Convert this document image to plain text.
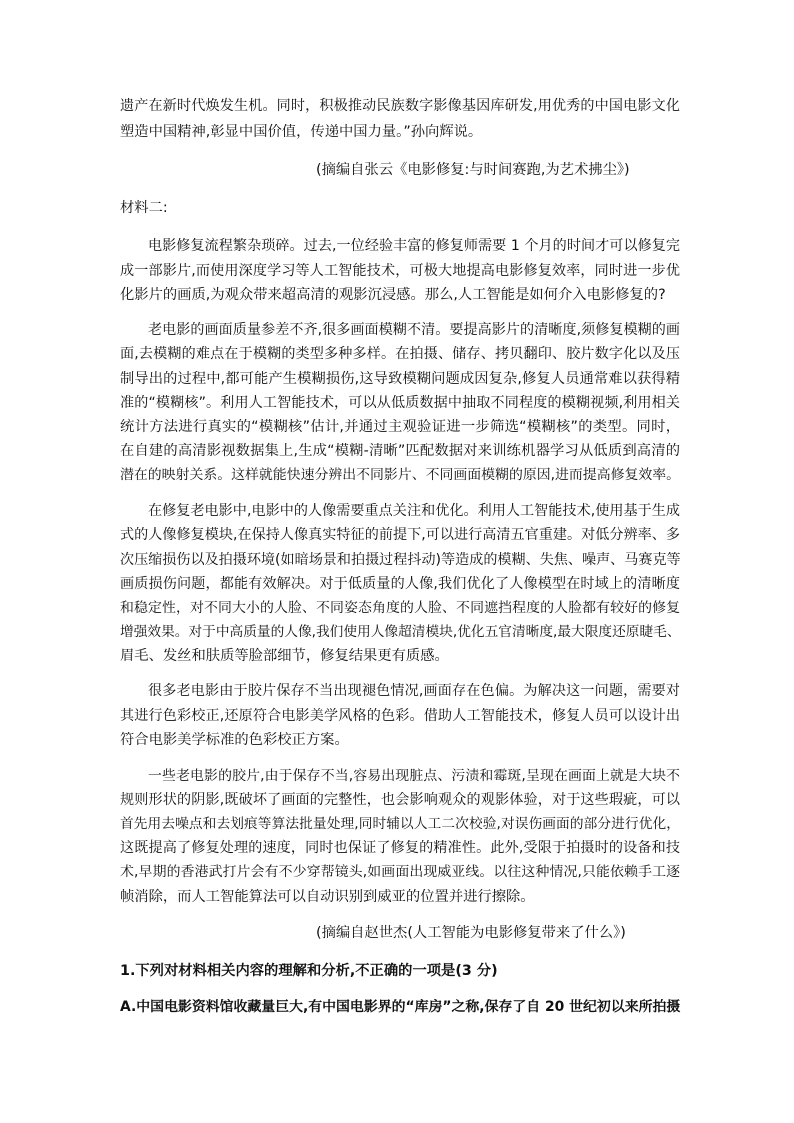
遗产在新时代焕发生机。同时，积极推动民族数字影像基因库研发,用优秀的中国电影文化
塑造中国精神,彰显中国价值，传递中国力量。”孙向辉说。
(摘编自张云《电影修复:与时间赛跑,为艺术拂尘》)
材料二:
电影修复流程繁杂琐碎。过去,一位经验丰富的修复师需要 1 个月的时间才可以修复完
成一部影片,而使用深度学习等人工智能技术，可极大地提高电影修复效率，同时进一步优
化影片的画质,为观众带来超高清的观影沉浸感。那么,人工智能是如何介入电影修复的?
老电影的画面质量参差不齐,很多画面模糊不清。要提高影片的清晰度,须修复模糊的画
面,去模糊的难点在于模糊的类型多种多样。在拍摄、储存、拷贝翻印、胶片数字化以及压
制导出的过程中,都可能产生模糊损伤,这导致模糊问题成因复杂,修复人员通常难以获得精
准的“模糊核”。利用人工智能技术，可以从低质数据中抽取不同程度的模糊视频,利用相关
统计方法进行真实的“模糊核”估计,并通过主观验证进一步筛选“模糊核”的类型。同时，
在自建的高清影视数据集上,生成“模糊-清晰”匹配数据对来训练机器学习从低质到高清的
潜在的映射关系。这样就能快速分辨出不同影片、不同画面模糊的原因,进而提高修复效率。
在修复老电影中,电影中的人像需要重点关注和优化。利用人工智能技术,使用基于生成
式的人像修复模块,在保持人像真实特征的前提下,可以进行高清五官重建。对低分辨率、多
次压缩损伤以及拍摄环境(如暗场景和拍摄过程抖动)等造成的模糊、失焦、噪声、马赛克等
画质损伤问题，都能有效解决。对于低质量的人像,我们优化了人像模型在时域上的清晰度
和稳定性，对不同大小的人脸、不同姿态角度的人脸、不同遮挡程度的人脸都有较好的修复
增强效果。对于中高质量的人像,我们使用人像超清模块,优化五官清晰度,最大限度还原睫毛、
眉毛、发丝和肤质等脸部细节，修复结果更有质感。
很多老电影由于胶片保存不当出现褪色情况,画面存在色偏。为解决这一问题，需要对
其进行色彩校正,还原符合电影美学风格的色彩。借助人工智能技术，修复人员可以设计出
符合电影美学标准的色彩校正方案。
一些老电影的胶片,由于保存不当,容易出现脏点、污渍和霉斑,呈现在画面上就是大块不
规则形状的阴影,既破坏了画面的完整性，也会影响观众的观影体验，对于这些瑕疵，可以
首先用去噪点和去划痕等算法批量处理,同时辅以人工二次校验,对误伤画面的部分进行优化，
这既提高了修复处理的速度，同时也保证了修复的精准性。此外,受限于拍摄时的设备和技
术,早期的香港武打片会有不少穿帮镜头,如画面出现威亚线。以往这种情况,只能依赖手工逐
帧消除，而人工智能算法可以自动识别到威亚的位置并进行擦除。
(摘编自赵世杰(人工智能为电影修复带来了什么》)
1.下列对材料相关内容的理解和分析,不正确的一项是(3 分)
A.中国电影资料馆收藏量巨大,有中国电影界的“库房”之称,保存了自 20 世纪初以来所拍摄
